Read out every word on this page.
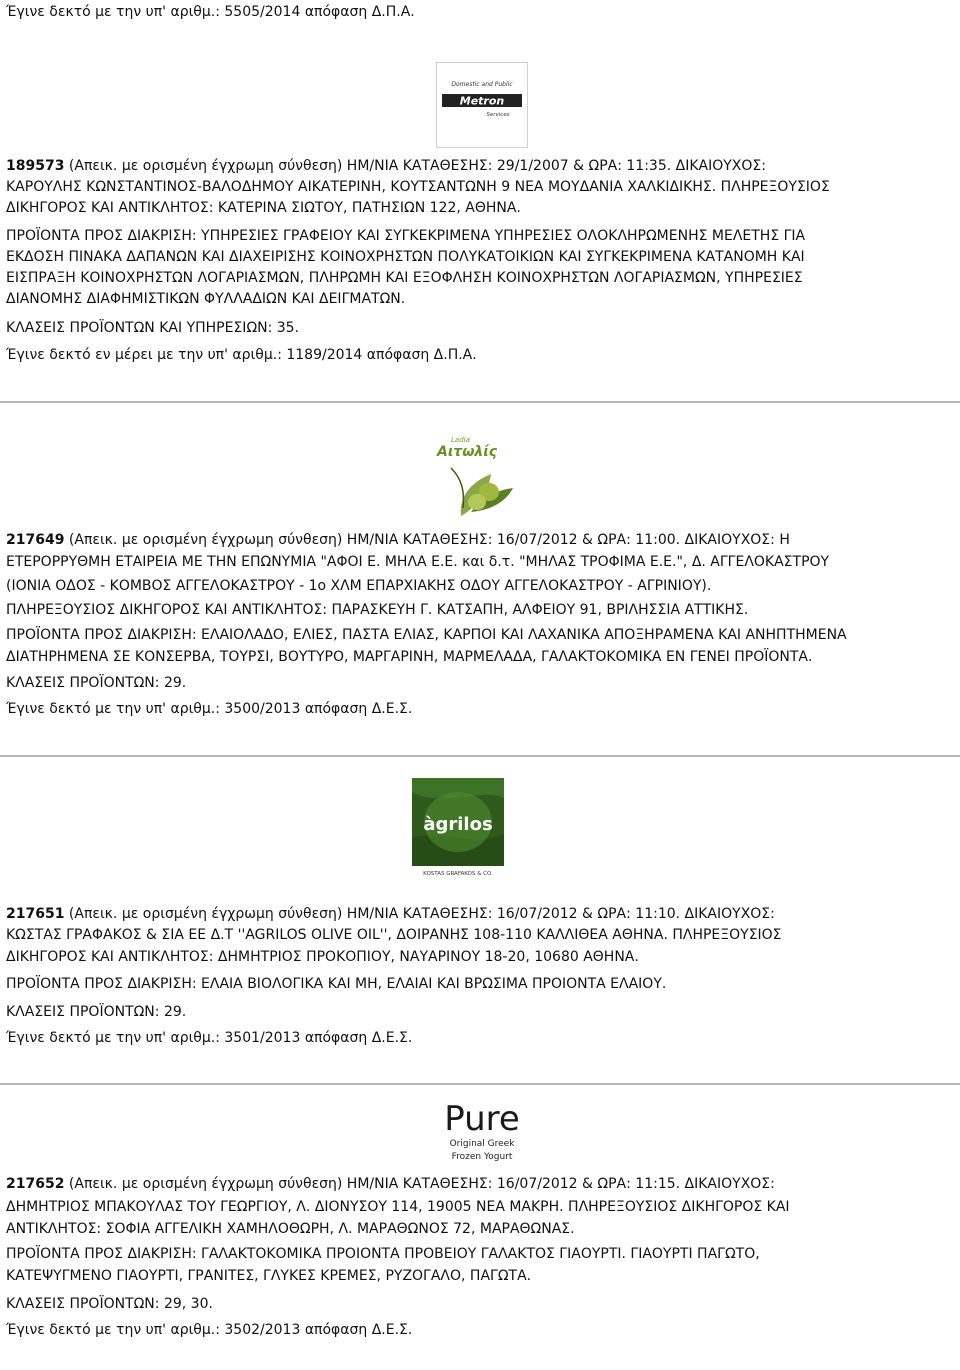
Έγινε δεκτό με την υπ' αριθμ.: 5505/2014 απόφαση Δ.Π.Α.
Domestic and Public
Metron
Services
189573 (Απεικ. με ορισμένη έγχρωμη σύνθεση) ΗΜ/ΝΙΑ ΚΑΤΑΘΕΣΗΣ: 29/1/2007 & ΩΡΑ: 11:35. ΔΙΚΑΙΟΥΧΟΣ:
ΚΑΡΟΥΛΗΣ ΚΩΝΣΤΑΝΤΙΝΟΣ-ΒΑΛΟΔΗΜΟΥ ΑΙΚΑΤΕΡΙΝΗ, ΚΟΥΤΣΑΝΤΩΝΗ 9 ΝΕΑ ΜΟΥΔΑΝΙΑ ΧΑΛΚΙΔΙΚΗΣ. ΠΛΗΡΕΞΟΥΣΙΟΣ
ΔΙΚΗΓΟΡΟΣ ΚΑΙ ΑΝΤΙΚΛΗΤΟΣ: ΚΑΤΕΡΙΝΑ ΣΙΩΤΟΥ, ΠΑΤΗΣΙΩΝ 122, ΑΘΗΝΑ.
ΠΡΟΪΟΝΤΑ ΠΡΟΣ ΔΙΑΚΡΙΣΗ: ΥΠΗΡΕΣΙΕΣ ΓΡΑΦΕΙΟΥ ΚΑΙ ΣΥΓΚΕΚΡΙΜΕΝΑ ΥΠΗΡΕΣΙΕΣ ΟΛΟΚΛΗΡΩΜΕΝΗΣ ΜΕΛΕΤΗΣ ΓΙΑ
ΕΚΔΟΣΗ ΠΙΝΑΚΑ ΔΑΠΑΝΩΝ ΚΑΙ ΔΙΑΧΕΙΡΙΣΗΣ ΚΟΙΝΟΧΡΗΣΤΩΝ ΠΟΛΥΚΑΤΟΙΚΙΩΝ ΚΑΙ ΣΥΓΚΕΚΡΙΜΕΝΑ ΚΑΤΑΝΟΜΗ ΚΑΙ
ΕΙΣΠΡΑΞΗ ΚΟΙΝΟΧΡΗΣΤΩΝ ΛΟΓΑΡΙΑΣΜΩΝ, ΠΛΗΡΩΜΗ ΚΑΙ ΕΞΟΦΛΗΣΗ ΚΟΙΝΟΧΡΗΣΤΩΝ ΛΟΓΑΡΙΑΣΜΩΝ, ΥΠΗΡΕΣΙΕΣ
ΔΙΑΝΟΜΗΣ ΔΙΑΦΗΜΙΣΤΙΚΩΝ ΦΥΛΛΑΔΙΩΝ ΚΑΙ ΔΕΙΓΜΑΤΩΝ.
ΚΛΑΣΕΙΣ ΠΡΟΪΟΝΤΩΝ ΚΑΙ ΥΠΗΡΕΣΙΩΝ: 35.
Έγινε δεκτό εν μέρει με την υπ' αριθμ.: 1189/2014 απόφαση Δ.Π.Α.
Ladia
Αιτωλίς
217649 (Απεικ. με ορισμένη έγχρωμη σύνθεση) ΗΜ/ΝΙΑ ΚΑΤΑΘΕΣΗΣ: 16/07/2012 & ΩΡΑ: 11:00. ΔΙΚΑΙΟΥΧΟΣ: Η
ΕΤΕΡΟΡΡΥΘΜΗ ΕΤΑΙΡΕΙΑ ΜΕ ΤΗΝ ΕΠΩΝΥΜΙΑ "ΑΦΟΙ Ε. ΜΗΛΑ Ε.Ε. και δ.τ. "ΜΗΛΑΣ ΤΡΟΦΙΜΑ Ε.Ε.", Δ. ΑΓΓΕΛΟΚΑΣΤΡΟΥ
(ΙΟΝΙΑ ΟΔΟΣ - ΚΟΜΒΟΣ ΑΓΓΕΛΟΚΑΣΤΡΟΥ - 1ο ΧΛΜ ΕΠΑΡΧΙΑΚΗΣ ΟΔΟΥ ΑΓΓΕΛΟΚΑΣΤΡΟΥ - ΑΓΡΙΝΙΟΥ).
ΠΛΗΡΕΞΟΥΣΙΟΣ ΔΙΚΗΓΟΡΟΣ ΚΑΙ ΑΝΤΙΚΛΗΤΟΣ: ΠΑΡΑΣΚΕΥΗ Γ. ΚΑΤΣΑΠΗ, ΑΛΦΕΙΟΥ 91, ΒΡΙΛΗΣΣΙΑ ΑΤΤΙΚΗΣ.
ΠΡΟΪΟΝΤΑ ΠΡΟΣ ΔΙΑΚΡΙΣΗ: ΕΛΑΙΟΛΑΔΟ, ΕΛΙΕΣ, ΠΑΣΤΑ ΕΛΙΑΣ, ΚΑΡΠΟΙ ΚΑΙ ΛΑΧΑΝΙΚΑ ΑΠΟΞΗΡΑΜΕΝΑ ΚΑΙ ΑΝΗΠΤΗΜΕΝΑ
ΔΙΑΤΗΡΗΜΕΝΑ ΣΕ ΚΟΝΣΕΡΒΑ, ΤΟΥΡΣΙ, ΒΟΥΤΥΡΟ, ΜΑΡΓΑΡΙΝΗ, ΜΑΡΜΕΛΑΔΑ, ΓΑΛΑΚΤΟΚΟΜΙΚΑ ΕΝ ΓΕΝΕΙ ΠΡΟΪΟΝΤΑ.
ΚΛΑΣΕΙΣ ΠΡΟΪΟΝΤΩΝ: 29.
Έγινε δεκτό με την υπ' αριθμ.: 3500/2013 απόφαση Δ.Ε.Σ.
àgrilos
KOSTAS GRAFAKOS & CO.
217651 (Απεικ. με ορισμένη έγχρωμη σύνθεση) ΗΜ/ΝΙΑ ΚΑΤΑΘΕΣΗΣ: 16/07/2012 & ΩΡΑ: 11:10. ΔΙΚΑΙΟΥΧΟΣ:
ΚΩΣΤΑΣ ΓΡΑΦΑΚΟΣ & ΣΙΑ ΕΕ Δ.Τ ''AGRILOS OLIVE OIL'', ΔΟΙΡΑΝΗΣ 108-110 ΚΑΛΛΙΘΕΑ ΑΘΗΝΑ. ΠΛΗΡΕΞΟΥΣΙΟΣ
ΔΙΚΗΓΟΡΟΣ ΚΑΙ ΑΝΤΙΚΛΗΤΟΣ: ΔΗΜΗΤΡΙΟΣ ΠΡΟΚΟΠΙΟΥ, ΝΑΥΑΡΙΝΟΥ 18-20, 10680 ΑΘΗΝΑ.
ΠΡΟΪΟΝΤΑ ΠΡΟΣ ΔΙΑΚΡΙΣΗ: ΕΛΑΙΑ ΒΙΟΛΟΓΙΚΑ ΚΑΙ ΜΗ, ΕΛΑΙΑΙ ΚΑΙ ΒΡΩΣΙΜΑ ΠΡΟΙΟΝΤΑ ΕΛΑΙΟΥ.
ΚΛΑΣΕΙΣ ΠΡΟΪΟΝΤΩΝ: 29.
Έγινε δεκτό με την υπ' αριθμ.: 3501/2013 απόφαση Δ.Ε.Σ.
Pure
Original Greek
Frozen Yogurt
217652 (Απεικ. με ορισμένη έγχρωμη σύνθεση) ΗΜ/ΝΙΑ ΚΑΤΑΘΕΣΗΣ: 16/07/2012 & ΩΡΑ: 11:15. ΔΙΚΑΙΟΥΧΟΣ:
ΔΗΜΗΤΡΙΟΣ ΜΠΑΚΟΥΛΑΣ ΤΟΥ ΓΕΩΡΓΙΟΥ, Λ. ΔΙΟΝΥΣΟΥ 114, 19005 ΝΕΑ ΜΑΚΡΗ. ΠΛΗΡΕΞΟΥΣΙΟΣ ΔΙΚΗΓΟΡΟΣ ΚΑΙ
ΑΝΤΙΚΛΗΤΟΣ: ΣΟΦΙΑ ΑΓΓΕΛΙΚΗ ΧΑΜΗΛΟΘΩΡΗ, Λ. ΜΑΡΑΘΩΝΟΣ 72, ΜΑΡΑΘΩΝΑΣ.
ΠΡΟΪΟΝΤΑ ΠΡΟΣ ΔΙΑΚΡΙΣΗ: ΓΑΛΑΚΤΟΚΟΜΙΚΑ ΠΡΟΙΟΝΤΑ ΠΡΟΒΕΙΟΥ ΓΑΛΑΚΤΟΣ ΓΙΑΟΥΡΤΙ. ΓΙΑΟΥΡΤΙ ΠΑΓΩΤΟ,
ΚΑΤΕΨΥΓΜΕΝΟ ΓΙΑΟΥΡΤΙ, ΓΡΑΝΙΤΕΣ, ΓΛΥΚΕΣ ΚΡΕΜΕΣ, ΡΥΖΟΓΑΛΟ, ΠΑΓΩΤΑ.
ΚΛΑΣΕΙΣ ΠΡΟΪΟΝΤΩΝ: 29, 30.
Έγινε δεκτό με την υπ' αριθμ.: 3502/2013 απόφαση Δ.Ε.Σ.
